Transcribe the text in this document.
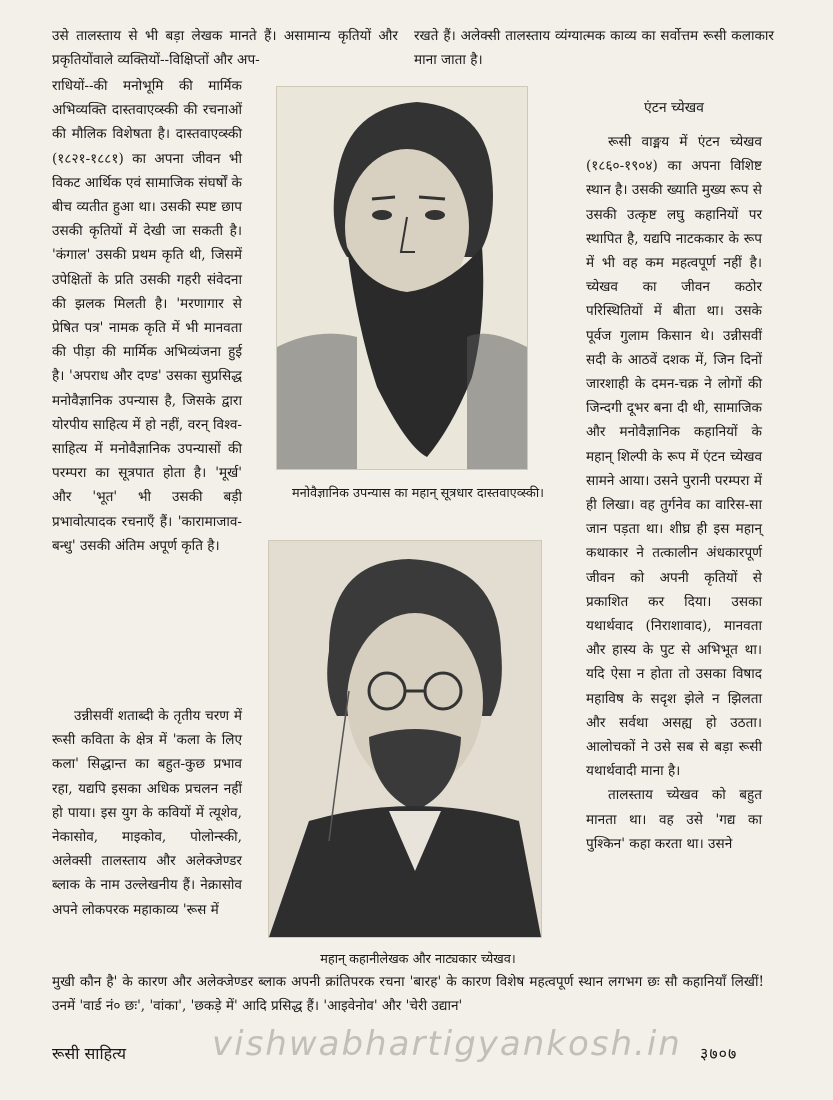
उसे तालस्ताय से भी बड़ा लेखक मानते हैं। असामान्य कृतियों और प्रकृतियोंवाले व्यक्तियों--विक्षिप्तों और अप-

राधियों--की मनोभूमि की मार्मिक अभिव्यक्ति दास्तवाएव्स्की की रचनाओं की मौलिक विशेषता है। दास्तवाएव्स्की (१८२१-१८८१) का अपना जीवन भी विकट आर्थिक एवं सामाजिक संघर्षों के बीच व्यतीत हुआ था। उसकी स्पष्ट छाप उसकी कृतियों में देखी जा सकती है। 'कंगाल' उसकी प्रथम कृति थी, जिसमें उपेक्षितों के प्रति उसकी गहरी संवेदना की झलक मिलती है। 'मरणागार से प्रेषित पत्र' नामक कृति में भी मानवता की पीड़ा की मार्मिक अभिव्यंजना हुई है। 'अपराध और दण्ड' उसका सुप्रसिद्ध मनोवैज्ञानिक उपन्यास है, जिसके द्वारा योरपीय साहित्य में हो नहीं, वरन् विश्व-साहित्य में मनोवैज्ञानिक उपन्यासों की परम्परा का सूत्रपात होता है। 'मूर्ख' और 'भूत' भी उसकी बड़ी प्रभावोत्पादक रचनाएँ हैं। 'कारामाजाव-बन्धु' उसकी अंतिम अपूर्ण कृति है।

उन्नीसवीं शताब्दी के तृतीय चरण में रूसी कविता के क्षेत्र में 'कला के लिए कला' सिद्धान्त का बहुत-कुछ प्रभाव रहा, यद्यपि इसका अधिक प्रचलन नहीं हो पाया। इस युग के कवियों में त्यूशेव, नेकासोव, माइकोव, पोलोन्स्की, अलेक्सी तालस्ताय और अलेक्जेण्डर ब्लाक के नाम उल्लेखनीय हैं। नेक्रासोव अपने लोकपरक महाकाव्य 'रूस में

रखते हैं। अलेक्सी तालस्ताय व्यंग्यात्मक काव्य का सर्वोत्तम रूसी कलाकार माना जाता है।

रूसी वाङ्मय में एंटन च्येखव (१८६०-१९०४) का अपना विशिष्ट स्थान है। उसकी ख्याति मुख्य रूप से उसकी उत्कृष्ट लघु कहानियों पर स्थापित है, यद्यपि नाटककार के रूप में भी वह कम महत्वपूर्ण नहीं है। च्येखव का जीवन कठोर परिस्थितियों में बीता था। उसके पूर्वज गुलाम किसान थे। उन्नीसवीं सदी के आठवें दशक में, जिन दिनों जारशाही के दमन-चक्र ने लोगों की जिन्दगी दूभर बना दी थी, सामाजिक और मनोवैज्ञानिक कहानियों के महान् शिल्पी के रूप में एंटन च्येखव सामने आया। उसने पुरानी परम्परा में ही लिखा। वह तुर्गनेव का वारिस-सा जान पड़ता था। शीघ्र ही इस महान् कथाकार ने तत्कालीन अंधकारपूर्ण जीवन को अपनी कृतियों से प्रकाशित कर दिया। उसका यथार्थवाद (निराशावाद), मानवता और हास्य के पुट से अभिभूत था। यदि ऐसा न होता तो उसका विषाद महाविष के सदृश झेले न झिलता और सर्वथा असह्य हो उठता। आलोचकों ने उसे सब से बड़ा रूसी यथार्थवादी माना है।

तालस्ताय च्येखव को बहुत मानता था। वह उसे 'गद्य का पुश्किन' कहा करता था। उसने

एंटन च्येखव
मनोवैज्ञानिक उपन्यास का महान् सूत्रधार दास्तवाएव्स्की।
महान् कहानीलेखक और नाट्यकार च्येखव।

मुखी कौन है' के कारण और अलेक्जेण्डर ब्लाक अपनी क्रांतिपरक रचना 'बारह' के कारण विशेष महत्वपूर्ण स्थान लगभग छः सौ कहानियाँ लिखीं! उनमें 'वार्ड नं० छः', 'वांका', 'छकड़े में' आदि प्रसिद्ध हैं। 'आइवेनोव' और 'चेरी उद्यान'

रूसी साहित्य	३७०७
vishwabhartigyankosh.in
